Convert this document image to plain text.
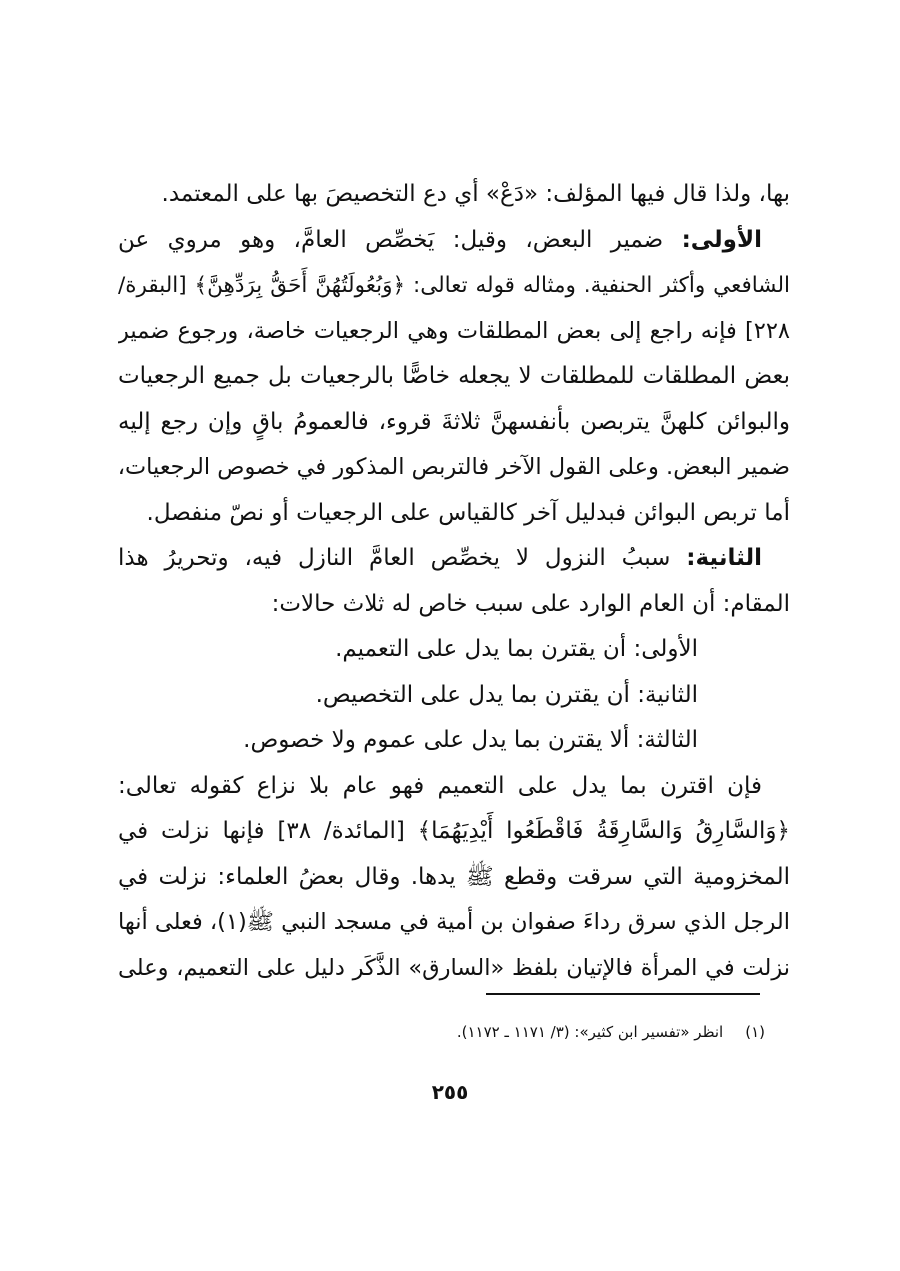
بها، ولذا قال فيها المؤلف: «دَعْ» أي دع التخصيصَ بها على المعتمد.
الأولى: ضمير البعض، وقيل: يَخصِّص العامَّ، وهو مروي عن
الشافعي وأكثر الحنفية. ومثاله قوله تعالى: ﴿وَبُعُولَتُهُنَّ أَحَقُّ بِرَدِّهِنَّ﴾ [البقرة/
٢٢٨] فإنه راجع إلى بعض المطلقات وهي الرجعيات خاصة، ورجوع ضمير
بعض المطلقات للمطلقات لا يجعله خاصًّا بالرجعيات بل جميع الرجعيات
والبوائن كلهنَّ يتربصن بأنفسهنَّ ثلاثةَ قروء، فالعمومُ باقٍ وإن رجع إليه
ضمير البعض. وعلى القول الآخر فالتربص المذكور في خصوص الرجعيات،
أما تربص البوائن فبدليل آخر كالقياس على الرجعيات أو نصّ منفصل.
الثانية: سببُ النزول لا يخصِّص العامَّ النازل فيه، وتحريرُ هذا
المقام: أن العام الوارد على سبب خاص له ثلاث حالات:
الأولى: أن يقترن بما يدل على التعميم.
الثانية: أن يقترن بما يدل على التخصيص.
الثالثة: ألا يقترن بما يدل على عموم ولا خصوص.
فإن اقترن بما يدل على التعميم فهو عام بلا نزاع كقوله تعالى:
﴿وَالسَّارِقُ وَالسَّارِقَةُ فَاقْطَعُوا أَيْدِيَهُمَا﴾ [المائدة/ ٣٨] فإنها نزلت في
المخزومية التي سرقت وقطع ﷺ يدها. وقال بعضُ العلماء: نزلت في
الرجل الذي سرق رداءَ صفوان بن أمية في مسجد النبي ﷺ(١)، فعلى أنها
نزلت في المرأة فالإتيان بلفظ «السارق» الذَّكَر دليل على التعميم، وعلى
(١)انظر «تفسير ابن كثير»: (٣/ ١١٧١ ـ ١١٧٢).
٢٥٥
